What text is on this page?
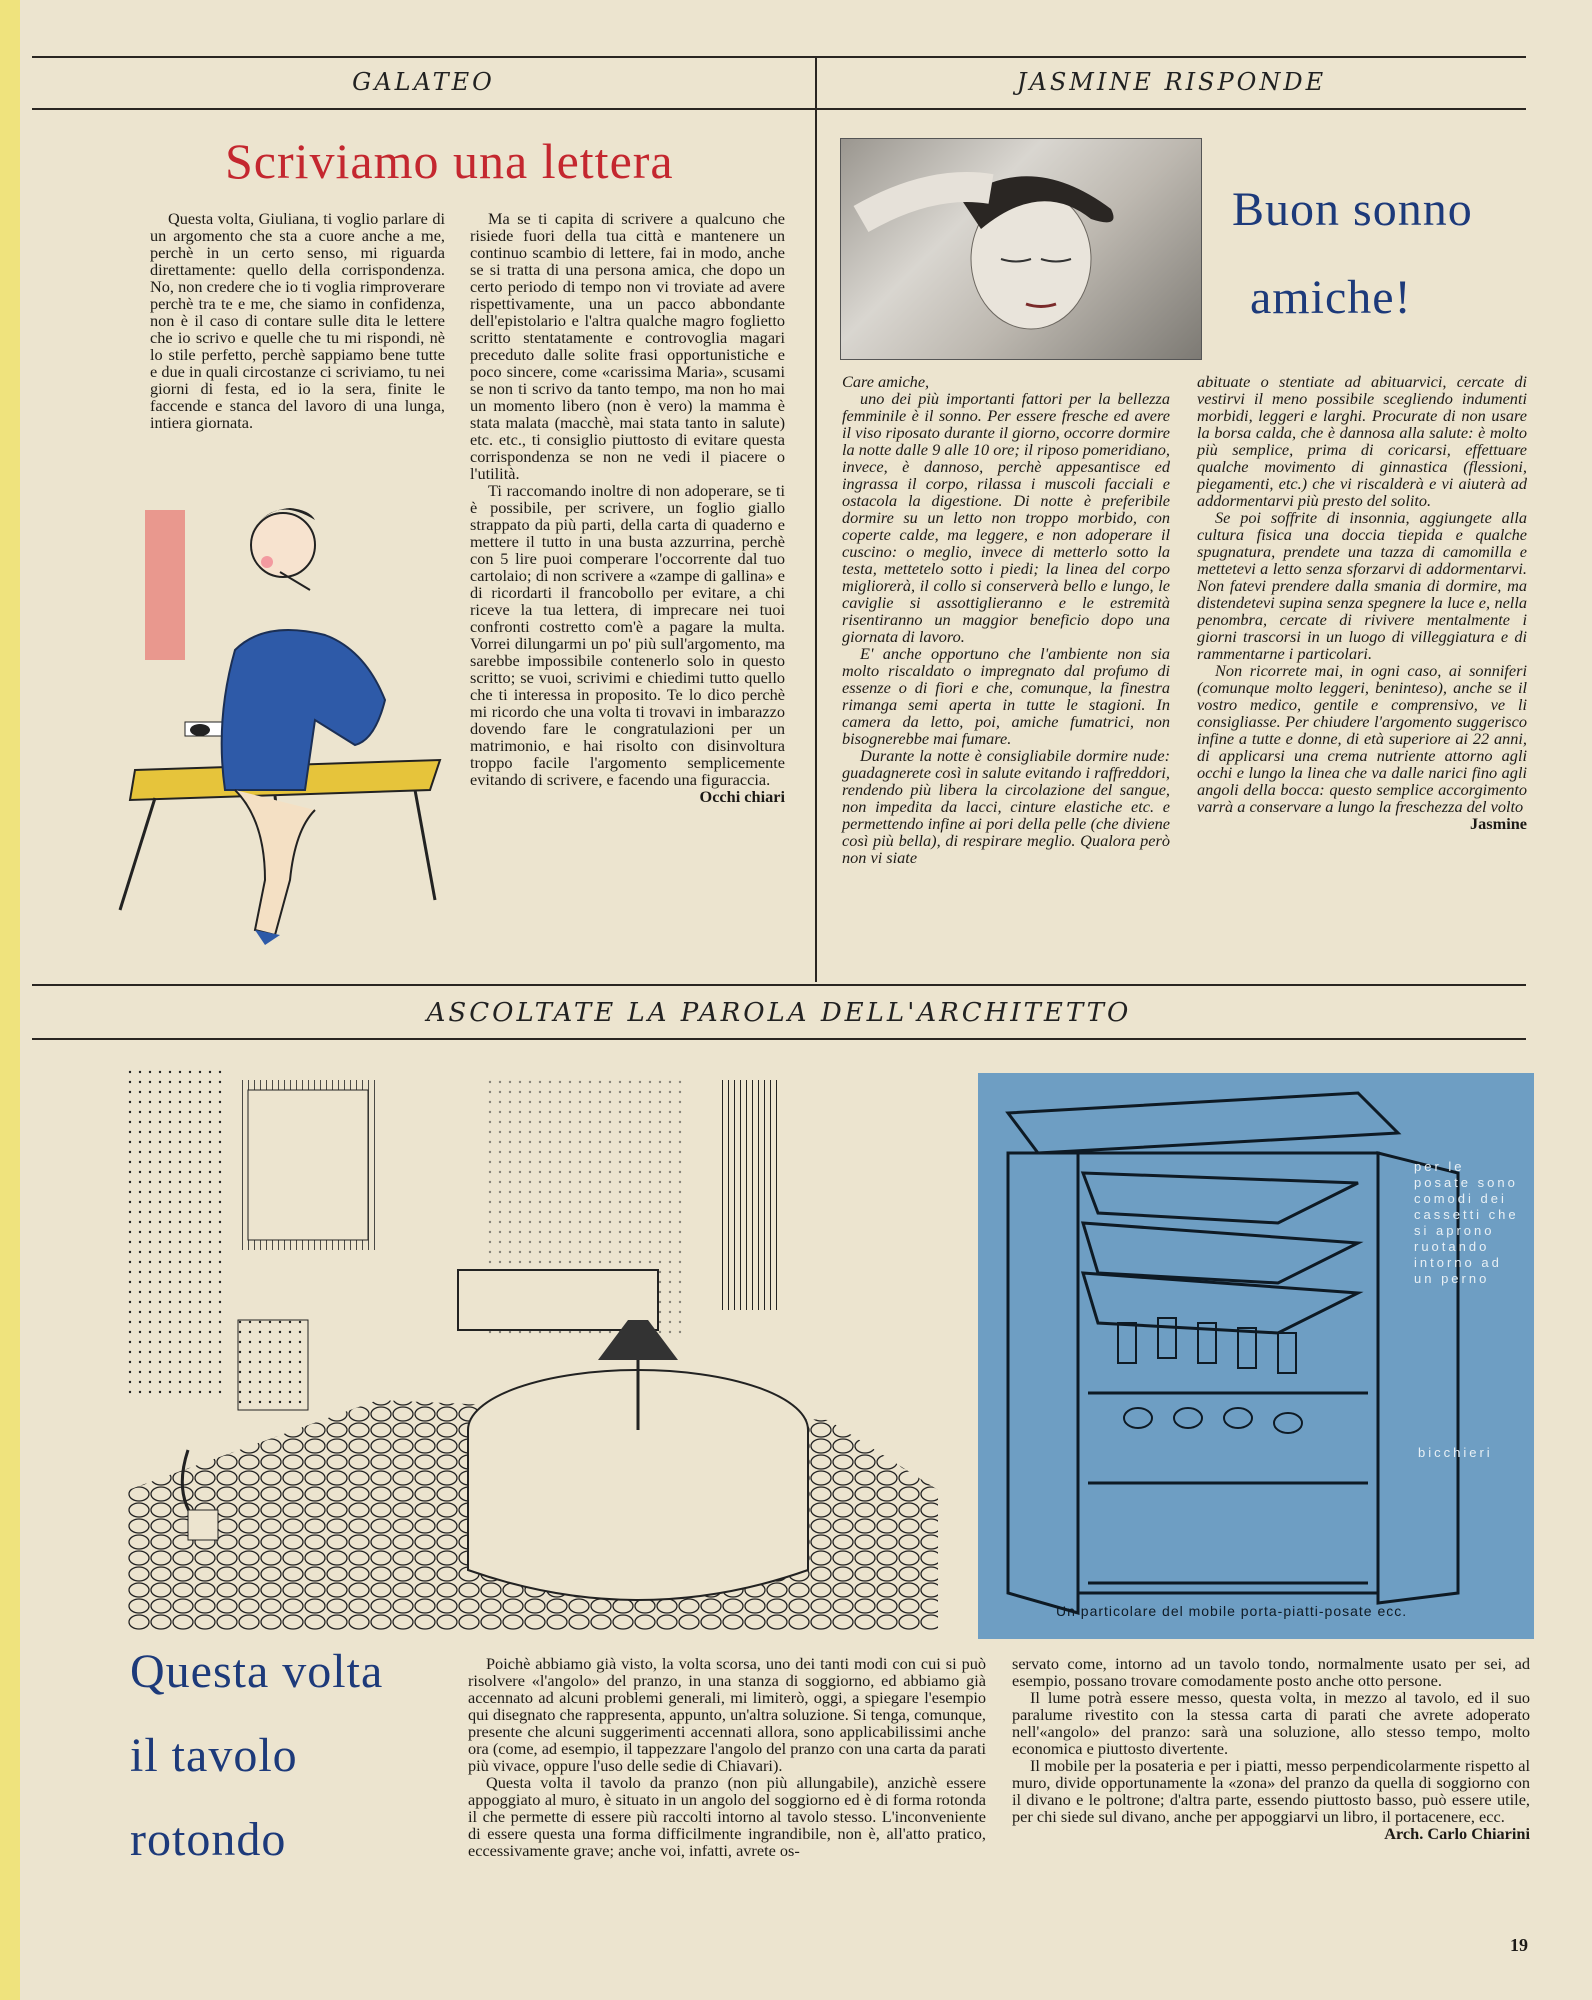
GALATEO	JASMINE RISPONDE
Scriviamo una lettera

Questa volta, Giuliana, ti voglio parlare di un argomento che sta a cuore anche a me, perchè in un certo senso, mi riguarda direttamente: quello della corrispondenza. No, non credere che io ti voglia rimproverare perchè tra te e me, che siamo in confidenza, non è il caso di contare sulle dita le lettere che io scrivo e quelle che tu mi rispondi, nè lo stile perfetto, perchè sappiamo bene tutte e due in quali circostanze ci scriviamo, tu nei giorni di festa, ed io la sera, finite le faccende e stanca del lavoro di una lunga, intiera giornata.

Ma se ti capita di scrivere a qualcuno che risiede fuori della tua città e mantenere un continuo scambio di lettere, fai in modo, anche se si tratta di una persona amica, che dopo un certo periodo di tempo non vi troviate ad avere rispettivamente, una un pacco abbondante dell'epistolario e l'altra qualche magro foglietto scritto stentatamente e controvoglia magari preceduto dalle solite frasi opportunistiche e poco sincere, come «carissima Maria», scusami se non ti scrivo da tanto tempo, ma non ho mai un momento libero (non è vero) la mamma è stata malata (macchè, mai stata tanto in salute) etc. etc., ti consiglio piuttosto di evitare questa corrispondenza se non ne vedi il piacere o l'utilità.

Ti raccomando inoltre di non adoperare, se ti è possibile, per scrivere, un foglio giallo strappato da più parti, della carta di quaderno e mettere il tutto in una busta azzurrina, perchè con 5 lire puoi comperare l'occorrente dal tuo cartolaio; di non scrivere a «zampe di gallina» e di ricordarti il francobollo per evitare, a chi riceve la tua lettera, di imprecare nei tuoi confronti costretto com'è a pagare la multa. Vorrei dilungarmi un po' più sull'argomento, ma sarebbe impossibile contenerlo solo in questo scritto; se vuoi, scrivimi e chiedimi tutto quello che ti interessa in proposito. Te lo dico perchè mi ricordo che una volta ti trovavi in imbarazzo dovendo fare le congratulazioni per un matrimonio, e hai risolto con disinvoltura troppo facile l'argomento semplicemente evitando di scrivere, e facendo una figuraccia.

Occhi chiari

Buon sonno
amiche!

Care amiche,

uno dei più importanti fattori per la bellezza femminile è il sonno. Per essere fresche ed avere il viso riposato durante il giorno, occorre dormire la notte dalle 9 alle 10 ore; il riposo pomeridiano, invece, è dannoso, perchè appesantisce ed ingrassa il corpo, rilassa i muscoli facciali e ostacola la digestione. Di notte è preferibile dormire su un letto non troppo morbido, con coperte calde, ma leggere, e non adoperare il cuscino: o meglio, invece di metterlo sotto la testa, mettetelo sotto i piedi; la linea del corpo migliorerà, il collo si conserverà bello e lungo, le caviglie si assottiglieranno e le estremità risentiranno un maggior beneficio dopo una giornata di lavoro.

E' anche opportuno che l'ambiente non sia molto riscaldato o impregnato dal profumo di essenze o di fiori e che, comunque, la finestra rimanga semi aperta in tutte le stagioni. In camera da letto, poi, amiche fumatrici, non bisognerebbe mai fumare.

Durante la notte è consigliabile dormire nude: guadagnerete così in salute evitando i raffreddori, rendendo più libera la circolazione del sangue, non impedita da lacci, cinture elastiche etc. e permettendo infine ai pori della pelle (che diviene così più bella), di respirare meglio. Qualora però non vi siate

abituate o stentiate ad abituarvici, cercate di vestirvi il meno possibile scegliendo indumenti morbidi, leggeri e larghi. Procurate di non usare la borsa calda, che è dannosa alla salute: è molto più semplice, prima di coricarsi, effettuare qualche movimento di ginnastica (flessioni, piegamenti, etc.) che vi riscalderà e vi aiuterà ad addormentarvi più presto del solito.

Se poi soffrite di insonnia, aggiungete alla cultura fisica una doccia tiepida e qualche spugnatura, prendete una tazza di camomilla e mettetevi a letto senza sforzarvi di addormentarvi. Non fatevi prendere dalla smania di dormire, ma distendetevi supina senza spegnere la luce e, nella penombra, cercate di rivivere mentalmente i giorni trascorsi in un luogo di villeggiatura e di rammentarne i particolari.

Non ricorrete mai, in ogni caso, ai sonniferi (comunque molto leggeri, beninteso), anche se il vostro medico, gentile e comprensivo, ve li consigliasse. Per chiudere l'argomento suggerisco infine a tutte e donne, di età superiore ai 22 anni, di applicarsi una crema nutriente attorno agli occhi e lungo la linea che va dalle narici fino agli angoli della bocca: questo semplice accorgimento varrà a conservare a lungo la freschezza del volto

Jasmine

ASCOLTATE LA PAROLA DELL'ARCHITETTO
per le posate sono comodi dei cassetti che si aprono ruotando intorno ad un perno
bicchieri
Un particolare del mobile porta-piatti-posate ecc.
Questa volta
il tavolo
rotondo

Poichè abbiamo già visto, la volta scorsa, uno dei tanti modi con cui si può risolvere «l'angolo» del pranzo, in una stanza di soggiorno, ed abbiamo già accennato ad alcuni problemi generali, mi limiterò, oggi, a spiegare l'esempio qui disegnato che rappresenta, appunto, un'altra soluzione. Si tenga, comunque, presente che alcuni suggerimenti accennati allora, sono applicabilissimi anche ora (come, ad esempio, il tappezzare l'angolo del pranzo con una carta da parati più vivace, oppure l'uso delle sedie di Chiavari).

Questa volta il tavolo da pranzo (non più allungabile), anzichè essere appoggiato al muro, è situato in un angolo del soggiorno ed è di forma rotonda il che permette di essere più raccolti intorno al tavolo stesso. L'inconveniente di essere questa una forma difficilmente ingrandibile, non è, all'atto pratico, eccessivamente grave; anche voi, infatti, avrete os-

servato come, intorno ad un tavolo tondo, normalmente usato per sei, ad esempio, possano trovare comodamente posto anche otto persone.

Il lume potrà essere messo, questa volta, in mezzo al tavolo, ed il suo paralume rivestito con la stessa carta di parati che avrete adoperato nell'«angolo» del pranzo: sarà una soluzione, allo stesso tempo, molto economica e piuttosto divertente.

Il mobile per la posateria e per i piatti, messo perpendicolarmente rispetto al muro, divide opportunamente la «zona» del pranzo da quella di soggiorno con il divano e le poltrone; d'altra parte, essendo piuttosto basso, può essere utile, per chi siede sul divano, anche per appoggiarvi un libro, il portacenere, ecc.

Arch. Carlo Chiarini

19
